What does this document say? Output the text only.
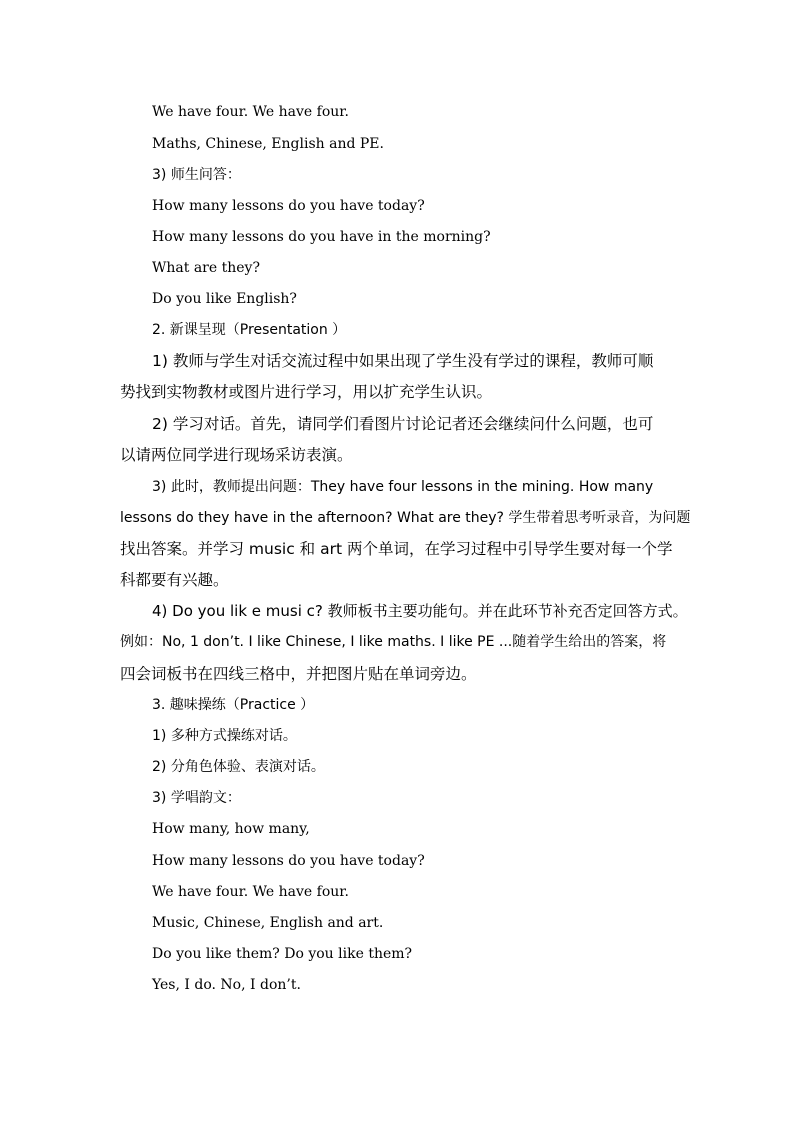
We have four. We have four.
Maths, Chinese, English and PE.
3) 师生问答：
How many lessons do you have today?
How many lessons do you have in the morning?
What are they?
Do you like English?
2. 新课呈现（Presentation ）
1) 教师与学生对话交流过程中如果出现了学生没有学过的课程，教师可顺
势找到实物教材或图片进行学习，用以扩充学生认识。
2) 学习对话。首先，请同学们看图片讨论记者还会继续问什么问题，也可
以请两位同学进行现场采访表演。
3) 此时，教师提出问题：They have four lessons in the mining. How many
lessons do they have in the afternoon? What are they? 学生带着思考听录音，为问题
找出答案。并学习 music 和 art 两个单词，在学习过程中引导学生要对每一个学
科都要有兴趣。
4) Do you lik e musi c? 教师板书主要功能句。并在此环节补充否定回答方式。
例如：No, 1 don’t. I like Chinese, I like maths. I like PE ...随着学生给出的答案，将
四会词板书在四线三格中，并把图片贴在单词旁边。
3. 趣味操练（Practice ）
1) 多种方式操练对话。
2) 分角色体验、表演对话。
3) 学唱韵文：
How many, how many,
How many lessons do you have today?
We have four. We have four.
Music, Chinese, English and art.
Do you like them? Do you like them?
Yes, I do. No, I don’t.
